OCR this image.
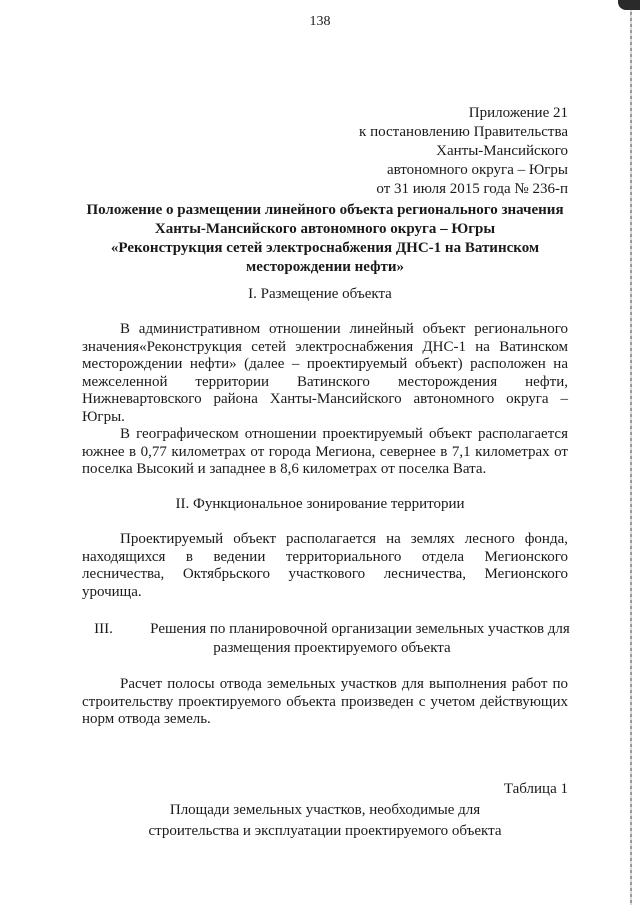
138
Приложение 21
к постановлению Правительства
Ханты-Мансийского
автономного округа – Югры
от 31 июля 2015 года № 236-п
Положение о размещении линейного объекта регионального значения
Ханты-Мансийского автономного округа – Югры
«Реконструкция сетей электроснабжения ДНС-1 на Ватинском
месторождении нефти»
I. Размещение объекта
В административном отношении линейный объект регионального значения«Реконструкция сетей электроснабжения ДНС-1 на Ватинском месторождении нефти» (далее – проектируемый объект) расположен на межселенной территории Ватинского месторождения нефти, Нижневартовского района Ханты-Мансийского автономного округа – Югры.
В географическом отношении проектируемый объект располагается южнее в 0,77 километрах от города Мегиона, севернее в 7,1 километрах от поселка Высокий и западнее в 8,6 километрах от поселка Вата.
II. Функциональное зонирование территории
Проектируемый объект располагается на землях лесного фонда, находящихся в ведении территориального отдела Мегионского лесничества, Октябрьского участкового лесничества, Мегионского урочища.
III. Решения по планировочной организации земельных участков для
размещения проектируемого объекта
Расчет полосы отвода земельных участков для выполнения работ по строительству проектируемого объекта произведен с учетом действующих норм отвода земель.
Таблица 1
Площади земельных участков, необходимые для
строительства и эксплуатации проектируемого объекта
